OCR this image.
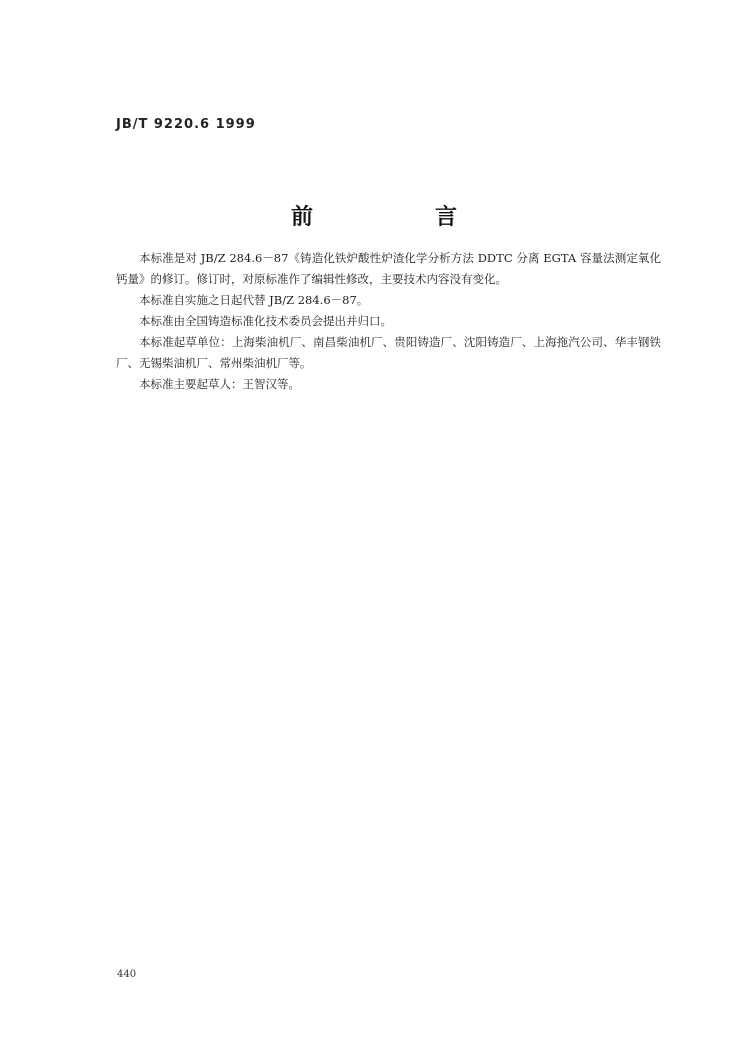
JB/T 9220.6 1999
前　言

本标准是对 JB/Z 284.6－87《铸造化铁炉酸性炉渣化学分析方法 DDTC 分离 EGTA 容量法测定氧化钙量》的修订。修订时，对原标准作了编辑性修改，主要技术内容没有变化。

本标准自实施之日起代替 JB/Z 284.6－87。

本标准由全国铸造标准化技术委员会提出并归口。

本标准起草单位：上海柴油机厂、南昌柴油机厂、贵阳铸造厂、沈阳铸造厂、上海拖汽公司、华丰钢铁厂、无锡柴油机厂、常州柴油机厂等。

本标准主要起草人：王智汉等。

440
